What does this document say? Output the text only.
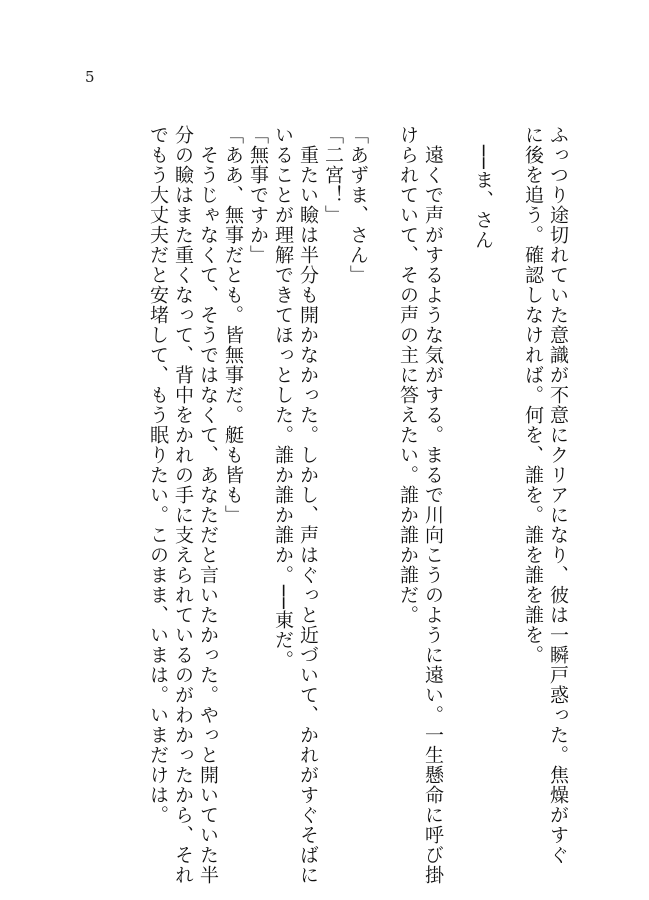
5
ふっつり途切れていた意識が不意にクリアになり、彼は一瞬戸惑った。焦燥がすぐ
に後を追う。確認しなければ。何を、誰を。誰を誰を誰を。

　──ま、さん

　遠くで声がするような気がする。まるで川向こうのように遠い。一生懸命に呼び掛
けられていて、その声の主に答えたい。誰か誰か誰だ。

「あずま、さん」
「二宮！」
　重たい瞼は半分も開かなかった。しかし、声はぐっと近づいて、かれがすぐそばに
いることが理解できてほっとした。誰か誰か誰か。──東だ。
「無事ですか」
「ああ、無事だとも。皆無事だ。艇も皆も」
　そうじゃなくて、そうではなくて、あなただと言いたかった。やっと開いていた半
分の瞼はまた重くなって、背中をかれの手に支えられているのがわかったから、それ
でもう大丈夫だと安堵して、もう眠りたい。このまま、いまは。いまだけは。
